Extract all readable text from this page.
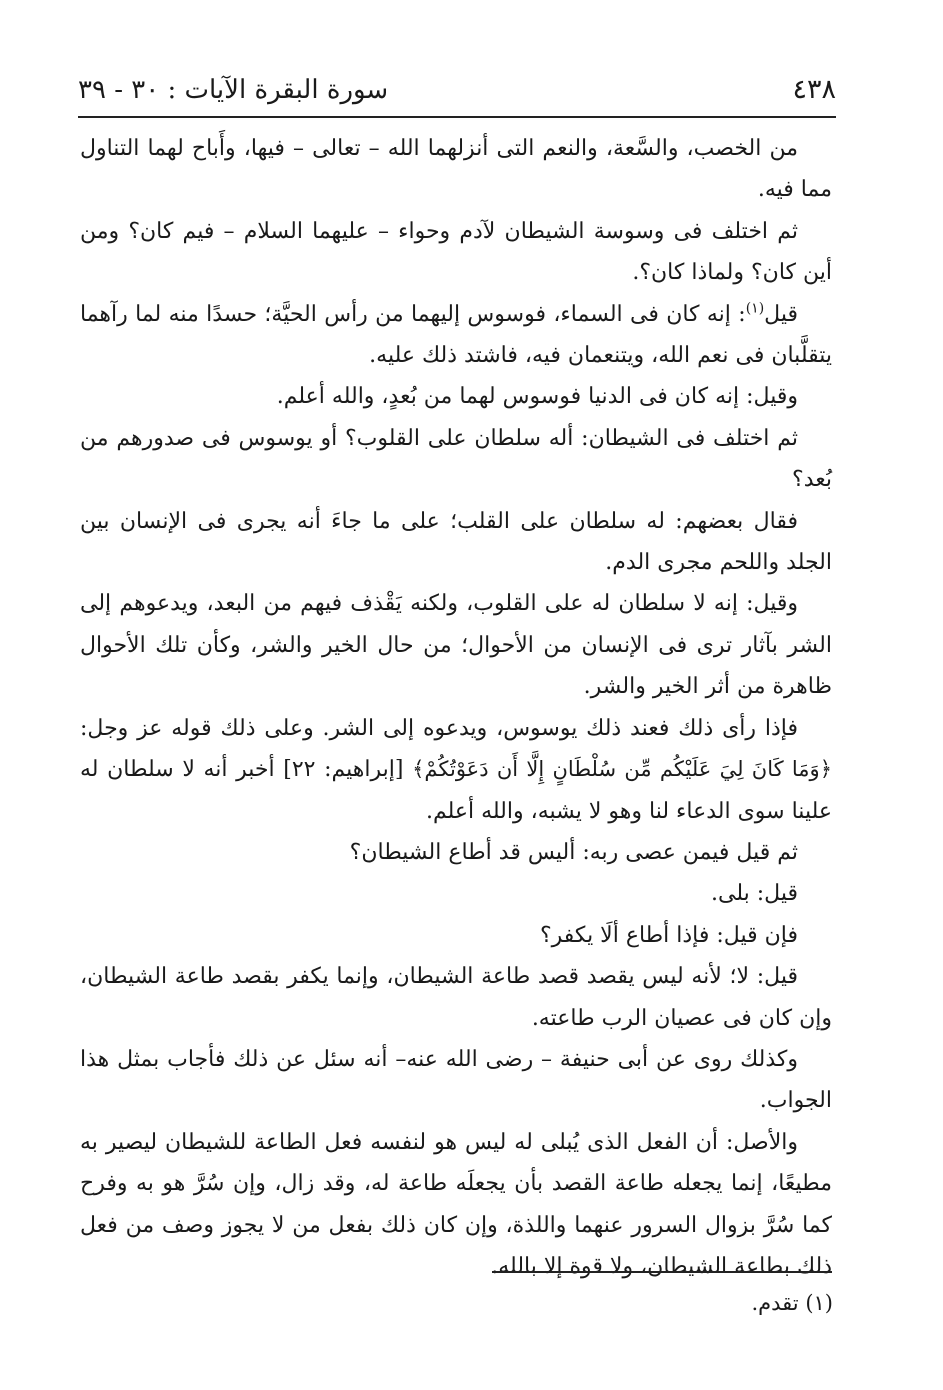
٤٣٨
سورة البقرة الآيات : ٣٠ - ٣٩

من الخصب، والسَّعة، والنعم التى أنزلهما الله – تعالى – فيها، وأَباح لهما التناول مما فيه.

ثم اختلف فى وسوسة الشيطان لآدم وحواء – عليهما السلام – فيم كان؟ ومن أين كان؟ ولماذا كان؟.

قيل$^{(١)}$: إنه كان فى السماء، فوسوس إليهما من رأس الحيَّة؛ حسدًا منه لما رآهما يتقلَّبان فى نعم الله، ويتنعمان فيه، فاشتد ذلك عليه.

وقيل: إنه كان فى الدنيا فوسوس لهما من بُعدٍ، والله أعلم.

ثم اختلف فى الشيطان: أله سلطان على القلوب؟ أو يوسوس فى صدورهم من بُعد؟

فقال بعضهم: له سلطان على القلب؛ على ما جاءَ أنه يجرى فى الإنسان بين الجلد واللحم مجرى الدم.

وقيل: إنه لا سلطان له على القلوب، ولكنه يَقْذف فيهم من البعد، ويدعوهم إلى الشر بآثار ترى فى الإنسان من الأحوال؛ من حال الخير والشر، وكأن تلك الأحوال ظاهرة من أثر الخير والشر.

فإذا رأى ذلك فعند ذلك يوسوس، ويدعوه إلى الشر. وعلى ذلك قوله عز وجل: ﴿وَمَا كَانَ لِيَ عَلَيْكُم مِّن سُلْطَانٍ إِلَّا أَن دَعَوْتُكُمْ﴾ [إبراهيم: ٢٢] أخبر أنه لا سلطان له علينا سوى الدعاء لنا وهو لا يشبه، والله أعلم.

ثم قيل فيمن عصى ربه: أليس قد أطاع الشيطان؟

قيل: بلى.

فإن قيل: فإذا أطاع ألَا يكفر؟

قيل: لا؛ لأنه ليس يقصد قصد طاعة الشيطان، وإنما يكفر بقصد طاعة الشيطان، وإن كان فى عصيان الرب طاعته.

وكذلك روى عن أبى حنيفة – رضى الله عنه– أنه سئل عن ذلك فأجاب بمثل هذا الجواب.

والأصل: أن الفعل الذى يُبلى له ليس هو لنفسه فعل الطاعة للشيطان ليصير به مطيعًا، إنما يجعله طاعة القصد بأن يجعلَه طاعة له، وقد زال، وإن سُرَّ هو به وفرح كما سُرَّ بزوال السرور عنهما واللذة، وإن كان ذلك بفعل من لا يجوز وصف من فعل ذلك بطاعة الشيطان، ولا قوة إلا بالله.

(١) تقدم.
